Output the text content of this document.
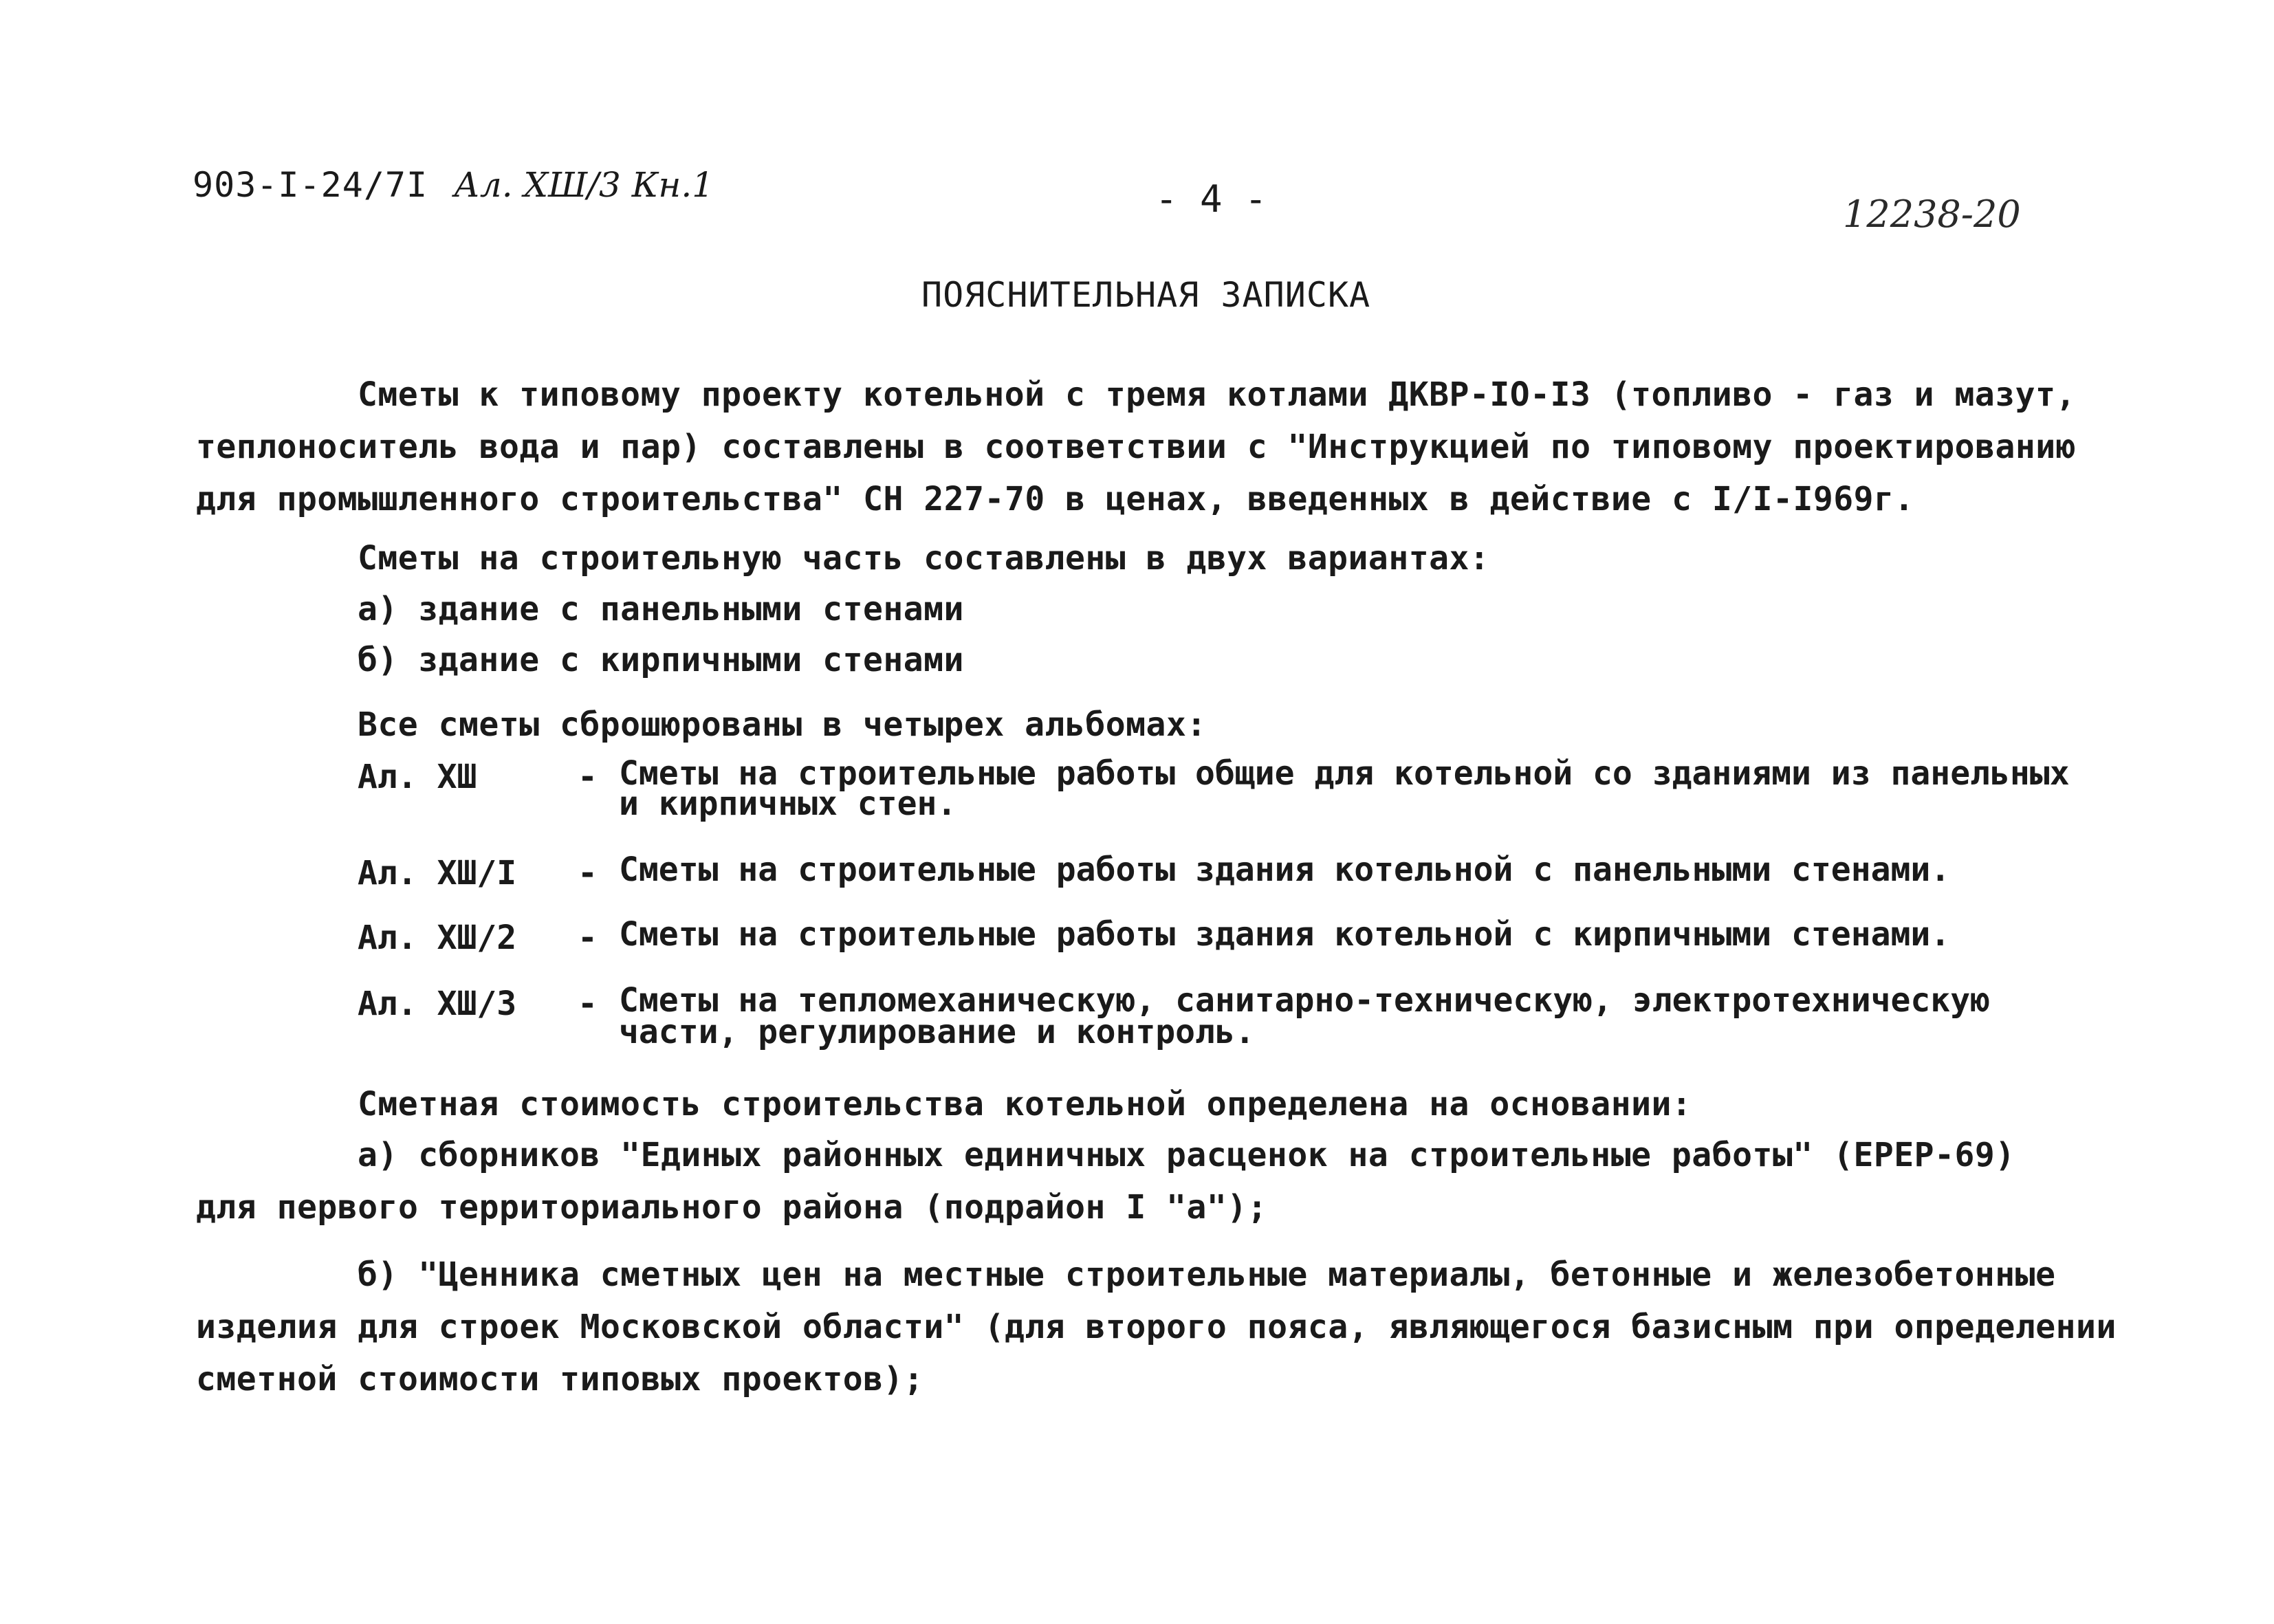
903-I-24/7I Ал. XШ/3 Кн.1	- 4 -	12238-20
ПОЯСНИТЕЛЬНАЯ ЗАПИСКА
Сметы к типовому проекту котельной с тремя котлами ДКВР-IO-I3 (топливо - газ и мазут,
теплоноситель вода и пар) составлены в соответствии с "Инструкцией по типовому проектированию
для промышленного строительства" СН 227-70 в ценах, введенных в действие с I/I-I969г.
Сметы на строительную часть составлены в двух вариантах:
а) здание с панельными стенами
б) здание с кирпичными стенами
Все сметы сброшюрованы в четырех альбомах:
Ал. XШ	- Сметы на строительные работы общие для котельной со зданиями из панельных
и кирпичных стен.
Ал. XШ/I - Сметы на строительные работы здания котельной с панельными стенами.
Ал. XШ/2 - Сметы на строительные работы здания котельной с кирпичными стенами.
Ал. XШ/3 - Сметы на тепломеханическую, санитарно-техническую, электротехническую
части, регулирование и контроль.
Сметная стоимость строительства котельной определена на основании:
а) сборников "Единых районных единичных расценок на строительные работы" (ЕРЕР-69)
для первого территориального района (подрайон I "а");
б) "Ценника сметных цен на местные строительные материалы, бетонные и железобетонные
изделия для строек Московской области" (для второго пояса, являющегося базисным при определении
сметной стоимости типовых проектов);
